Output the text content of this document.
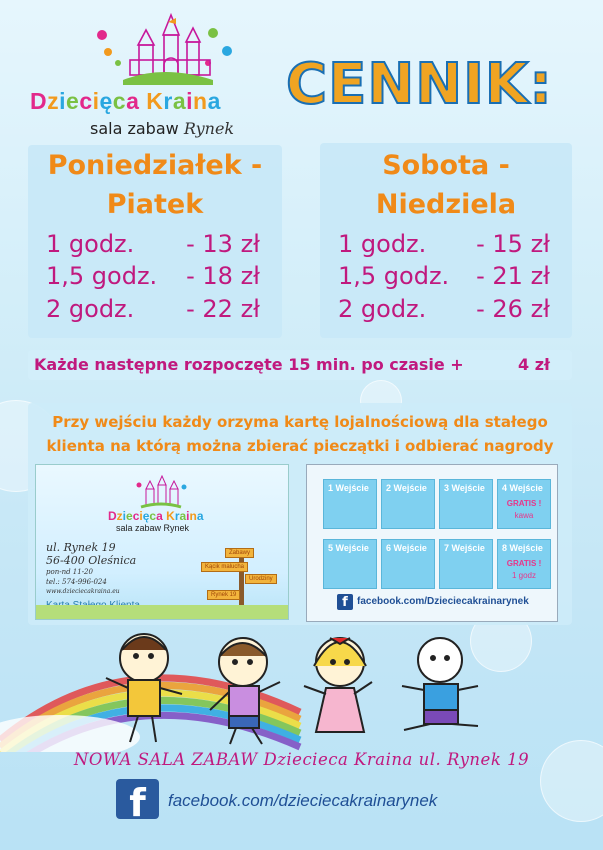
Dziecięca Kraina
sala zabaw Rynek
CENNIK:
Poniedziałek -
Piatek
1 godz. - 13 zł
1,5 godz. - 18 zł
2 godz. - 22 zł
Sobota -
Niedziela
1 godz. - 15 zł
1,5 godz. - 21 zł
2 godz. - 26 zł
Każde następne rozpoczęte 15 min. po czasie +	4 zł
Przy wejściu każdy orzyma kartę lojalnościową dla stałego
klienta na którą można zbierać pieczątki i odbierać nagrody
Dziecięca Kraina
sala zabaw Rynek
ul. Rynek 19
56-400 Oleśnica
pon-nd 11-20
tel.: 574-996-024
www.dzieciecakraina.eu
Zabawy
Kącik malucha
Urodziny
Rynek 19
1 Wejście 2 Wejście 3 Wejście 4 Wejście
GRATIS !
kawa
5 Wejście 6 Wejście 7 Wejście 8 Wejście
GRATIS !
1 godz
f facebook.com/Dzieciecakrainarynek
NOWA SALA ZABAW Dziecieca Kraina ul. Rynek 19
f	facebook.com/dzieciecakrainarynek
